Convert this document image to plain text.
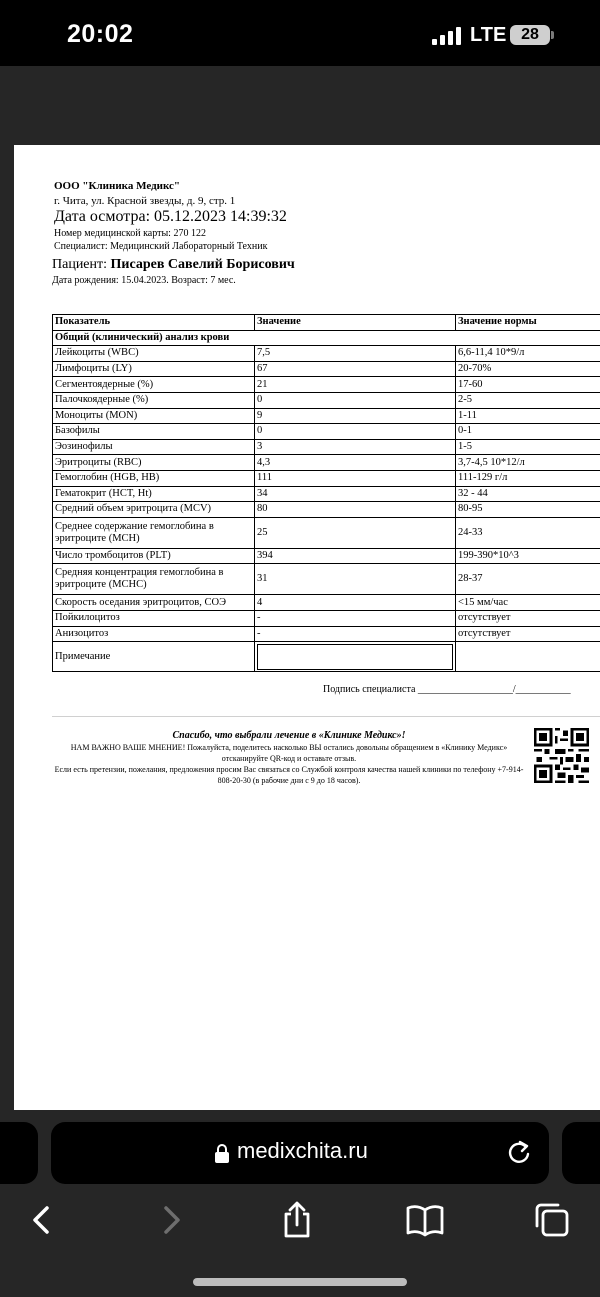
20:02	LTE 28
ООО "Клиника Медикс"
г. Чита, ул. Красной звезды, д. 9, стр. 1
Дата осмотра: 05.12.2023 14:39:32
Номер медицинской карты: 270 122
Специалист: Медицинский Лабораторный Техник
Пациент: Писарев Савелий Борисович
Дата рождения: 15.04.2023. Возраст: 7 мес.
Показатель	Значение	Значение нормы
Общий (клинический) анализ крови		
Лейкоциты (WBC)	7,5	6,6-11,4 10*9/л
Лимфоциты (LY)	67	20-70%
Сегментоядерные (%)	21	17-60
Палочкоядерные (%)	0	2-5
Моноциты (MON)	9	1-11
Базофилы	0	0-1
Эозинофилы	3	1-5
Эритроциты (RBC)	4,3	3,7-4,5 10*12/л
Гемоглобин (HGB, HB)	111	111-129 г/л
Гематокрит (HCT, Ht)	34	32 - 44
Средний объем эритроцита (MCV)	80	80-95
Среднее содержание гемоглобина в эритроците (MCH)	25	24-33
Число тромбоцитов (PLT)	394	199-390*10^3
Средняя концентрация гемоглобина в эритроците (MCHC)	31	28-37
Скорость оседания эритроцитов, СОЭ	4	<15 мм/час
Пойкилоцитоз	-	отсутствует
Анизоцитоз	-	отсутствует
Примечание	

Подпись специалиста ___________________/___________
Спасибо, что выбрали лечение в «Клинике Медикс»!
НАМ ВАЖНО ВАШЕ МНЕНИЕ! Пожалуйста, поделитесь насколько ВЫ остались довольны обращением в «Клинику Медикс» отсканируйте QR-код и оставьте отзыв.
Если есть претензии, пожелания, предложения просим Вас связаться со Службой контроля качества нашей клиники по телефону +7-914-808-20-30 (в рабочие дни с 9 до 18 часов).
medixchita.ru
